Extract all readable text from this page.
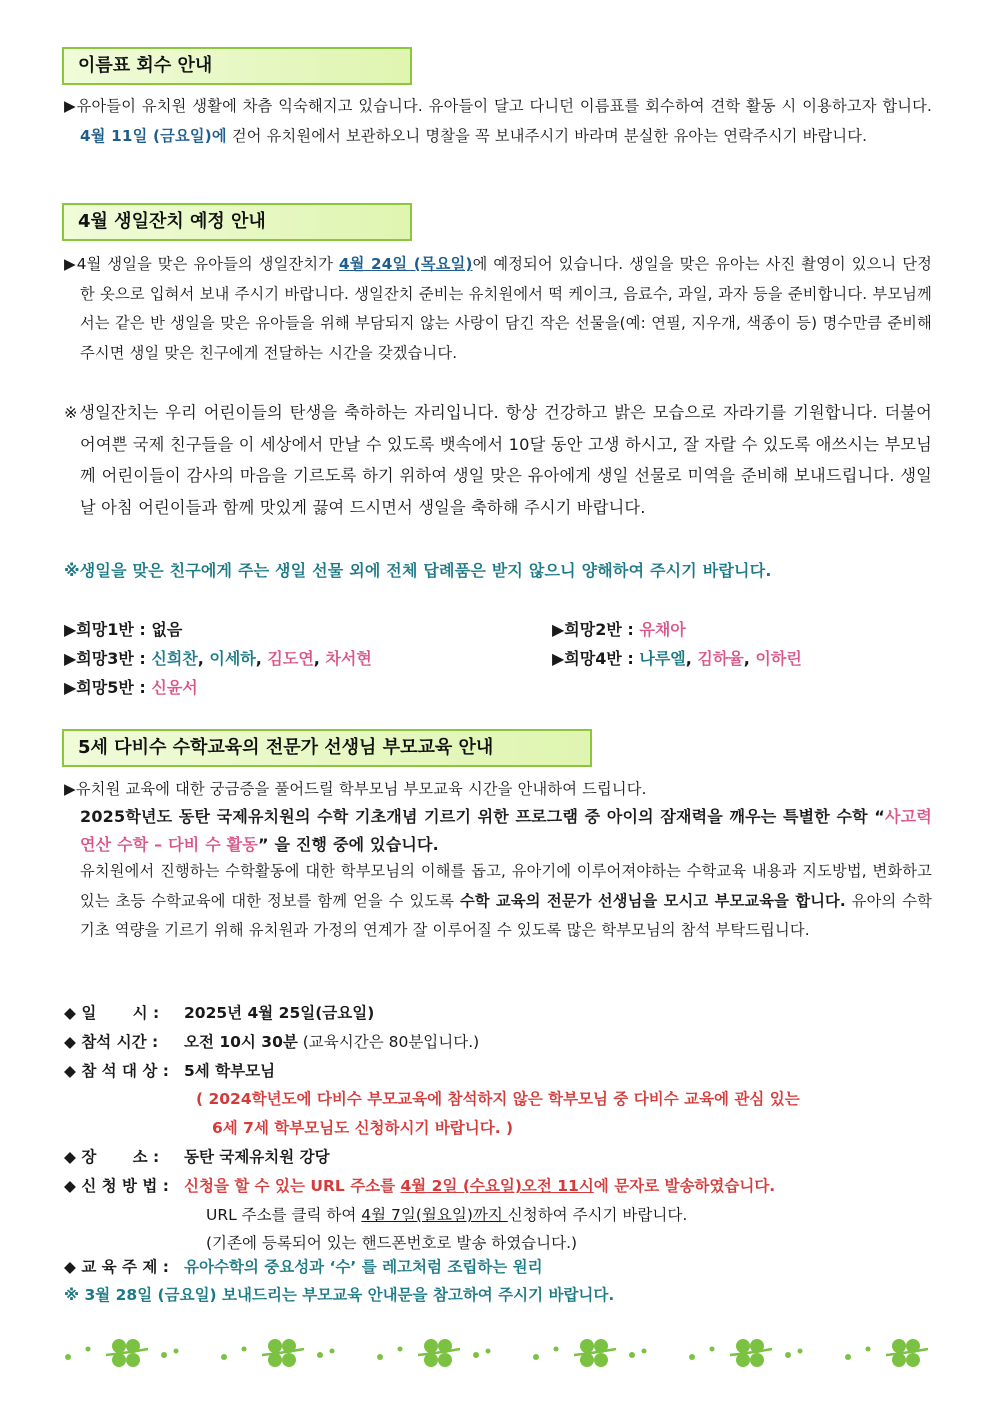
이름표 회수 안내
▶유아들이 유치원 생활에 차츰 익숙해지고 있습니다. 유아들이 달고 다니던 이름표를 회수하여 견학 활동 시 이용하고자 합니다. 4월 11일 (금요일)에 걷어 유치원에서 보관하오니 명찰을 꼭 보내주시기 바라며 분실한 유아는 연락주시기 바랍니다.
4월 생일잔치 예정 안내
▶4월 생일을 맞은 유아들의 생일잔치가 4월 24일 (목요일)에 예정되어 있습니다. 생일을 맞은 유아는 사진 촬영이 있으니 단정한 옷으로 입혀서 보내 주시기 바랍니다. 생일잔치 준비는 유치원에서 떡 케이크, 음료수, 과일, 과자 등을 준비합니다. 부모님께서는 같은 반 생일을 맞은 유아들을 위해 부담되지 않는 사랑이 담긴 작은 선물을(예: 연필, 지우개, 색종이 등) 명수만큼 준비해 주시면 생일 맞은 친구에게 전달하는 시간을 갖겠습니다.
※생일잔치는 우리 어린이들의 탄생을 축하하는 자리입니다. 항상 건강하고 밝은 모습으로 자라기를 기원합니다. 더불어 어여쁜 국제 친구들을 이 세상에서 만날 수 있도록 뱃속에서 10달 동안 고생 하시고, 잘 자랄 수 있도록 애쓰시는 부모님께 어린이들이 감사의 마음을 기르도록 하기 위하여 생일 맞은 유아에게 생일 선물로 미역을 준비해 보내드립니다. 생일날 아침 어린이들과 함께 맛있게 끓여 드시면서 생일을 축하해 주시기 바랍니다.
※생일을 맞은 친구에게 주는 생일 선물 외에 전체 답례품은 받지 않으니 양해하여 주시기 바랍니다.
▶희망1반 : 없음	▶희망2반 : 유채아
▶희망3반 : 신희찬, 이세하, 김도연, 차서현	▶희망4반 : 나루엘, 김하율, 이하린
▶희망5반 : 신윤서
5세 다비수 수학교육의 전문가 선생님 부모교육 안내
▶유치원 교육에 대한 궁금증을 풀어드릴 학부모님 부모교육 시간을 안내하여 드립니다.
2025학년도 동탄 국제유치원의 수학 기초개념 기르기 위한 프로그램 중 아이의 잠재력을 깨우는 특별한 수학 “사고력 연산 수학 – 다비 수 활동” 을 진행 중에 있습니다.
유치원에서 진행하는 수학활동에 대한 학부모님의 이해를 돕고, 유아기에 이루어져야하는 수학교육 내용과 지도방법, 변화하고 있는 초등 수학교육에 대한 정보를 함께 얻을 수 있도록 수학 교육의 전문가 선생님을 모시고 부모교육을 합니다. 유아의 수학 기초 역량을 기르기 위해 유치원과 가정의 연계가 잘 이루어질 수 있도록 많은 학부모님의 참석 부탁드립니다.
◆ 일　　 시 : 2025년 4월 25일(금요일)
◆ 참석 시간 : 오전 10시 30분 (교육시간은 80분입니다.)
◆ 참 석 대 상 : 5세 학부모님
( 2024학년도에 다비수 부모교육에 참석하지 않은 학부모님 중 다비수 교육에 관심 있는
6세 7세 학부모님도 신청하시기 바랍니다. )
◆ 장　　 소 : 동탄 국제유치원 강당
◆ 신 청 방 법 : 신청을 할 수 있는 URL 주소를 4월 2일 (수요일)오전 11시에 문자로 발송하였습니다.
URL 주소를 클릭 하여 4월 7일(월요일)까지 신청하여 주시기 바랍니다.
(기존에 등록되어 있는 핸드폰번호로 발송 하였습니다.)
◆ 교 육 주 제 : 유아수학의 중요성과 ‘수’ 를 레고처럼 조립하는 원리
※ 3월 28일 (금요일) 보내드리는 부모교육 안내문을 참고하여 주시기 바랍니다.
